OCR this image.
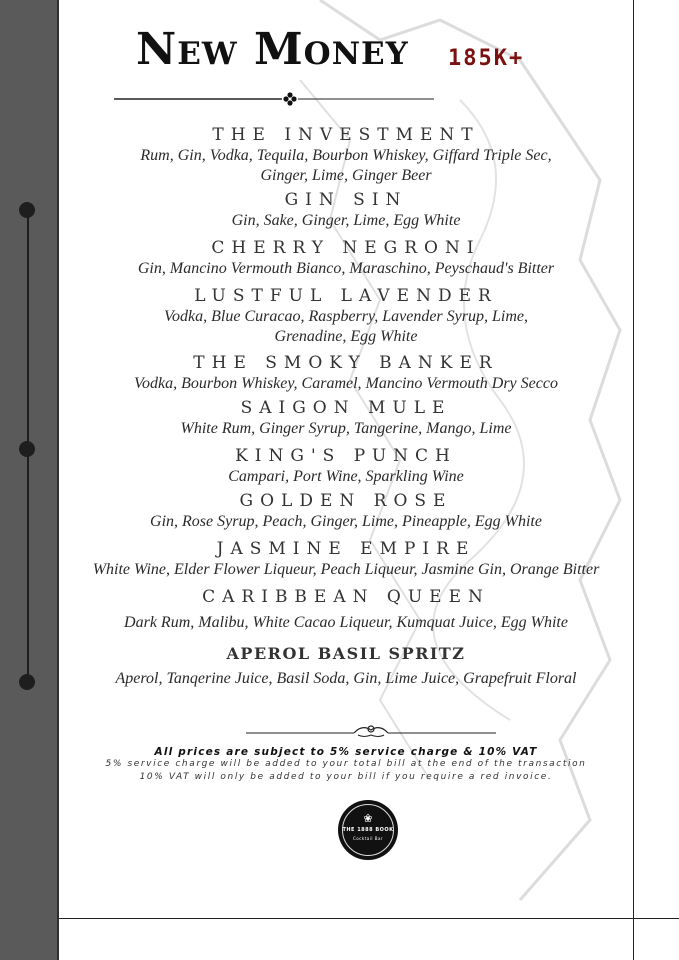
New Money 185K+
THE INVESTMENT
Rum, Gin, Vodka, Tequila, Bourbon Whiskey, Giffard Triple Sec,
Ginger, Lime, Ginger Beer
GIN SIN
Gin, Sake, Ginger, Lime, Egg White
CHERRY NEGRONI
Gin, Mancino Vermouth Bianco, Maraschino, Peyschaud's Bitter
LUSTFUL LAVENDER
Vodka, Blue Curacao, Raspberry, Lavender Syrup, Lime,
Grenadine, Egg White
THE SMOKY BANKER
Vodka, Bourbon Whiskey, Caramel, Mancino Vermouth Dry Secco
SAIGON MULE
White Rum, Ginger Syrup, Tangerine, Mango, Lime
KING'S PUNCH
Campari, Port Wine, Sparkling Wine
GOLDEN ROSE
Gin, Rose Syrup, Peach, Ginger, Lime, Pineapple, Egg White
JASMINE EMPIRE
White Wine, Elder Flower Liqueur, Peach Liqueur, Jasmine Gin, Orange Bitter
CARIBBEAN QUEEN
Dark Rum, Malibu, White Cacao Liqueur, Kumquat Juice, Egg White
APEROL BASIL SPRITZ
Aperol, Tanqerine Juice, Basil Soda, Gin, Lime Juice, Grapefruit Floral
All prices are subject to 5% service charge & 10% VAT
5% service charge will be added to your total bill at the end of the transaction
10% VAT will only be added to your bill if you require a red invoice.
❀
THE 1888 BOOK
Cocktail Bar
